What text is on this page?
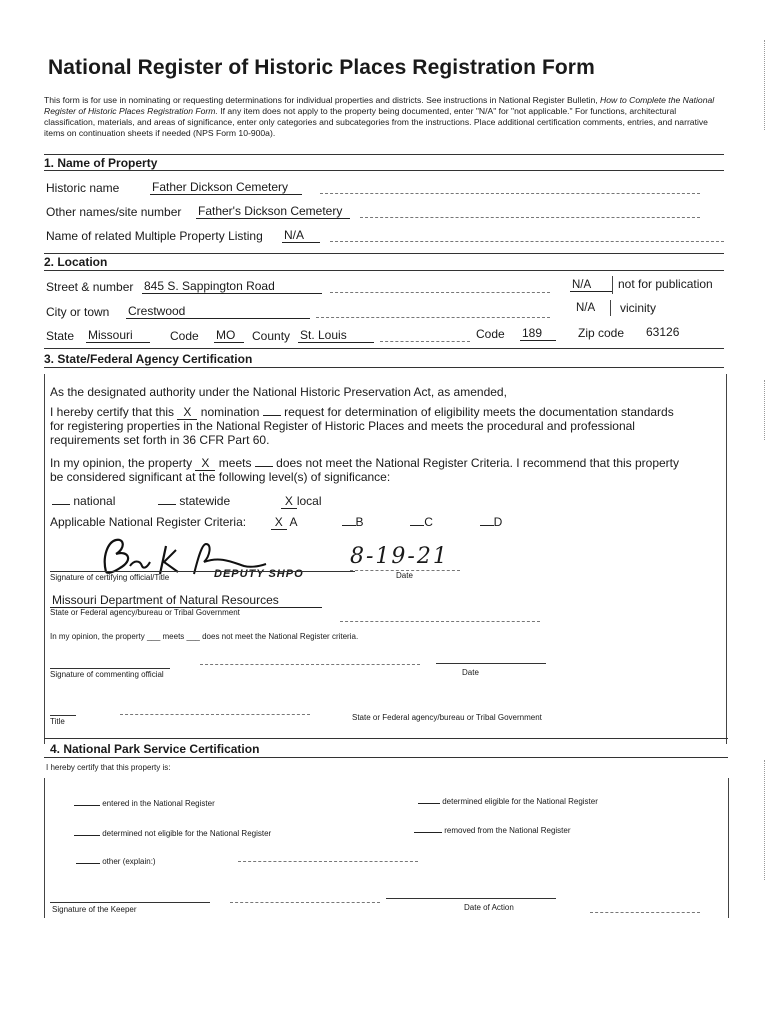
National Register of Historic Places Registration Form
This form is for use in nominating or requesting determinations for individual properties and districts. See instructions in National Register Bulletin, How to Complete the National Register of Historic Places Registration Form. If any item does not apply to the property being documented, enter "N/A" for "not applicable." For functions, architectural classification, materials, and areas of significance, enter only categories and subcategories from the instructions. Place additional certification comments, entries, and narrative items on continuation sheets if needed (NPS Form 10-900a).
1. Name of Property
Historic name	Father Dickson Cemetery
Other names/site number Father's Dickson Cemetery
Name of related Multiple Property Listing N/A
2. Location
Street & number 845 S. Sappington Road	N/A	not for publication
City or town Crestwood	N/A vicinity
State Missouri	Code MO	County St. Louis	Code 189	Zip code 63126
3. State/Federal Agency Certification
As the designated authority under the National Historic Preservation Act, as amended,
I hereby certify that this X nomination request for determination of eligibility meets the documentation standards
for registering properties in the National Register of Historic Places and meets the procedural and professional
requirements set forth in 36 CFR Part 60.
In my opinion, the property X meets does not meet the National Register Criteria. I recommend that this property
be considered significant at the following level(s) of significance:
national	statewide	X local
Applicable National Register Criteria: X A	B	C	D
DEPUTY SHPO
8-19-21
Signature of certifying official/Title	Date
Missouri Department of Natural Resources
State or Federal agency/bureau or Tribal Government
In my opinion, the property ___ meets ___ does not meet the National Register criteria.
Signature of commenting official	Date
Title	State or Federal agency/bureau or Tribal Government
4. National Park Service Certification
I hereby certify that this property is:
entered in the National Register	determined eligible for the National Register
determined not eligible for the National Register	removed from the National Register
other (explain:)
Signature of the Keeper	Date of Action
